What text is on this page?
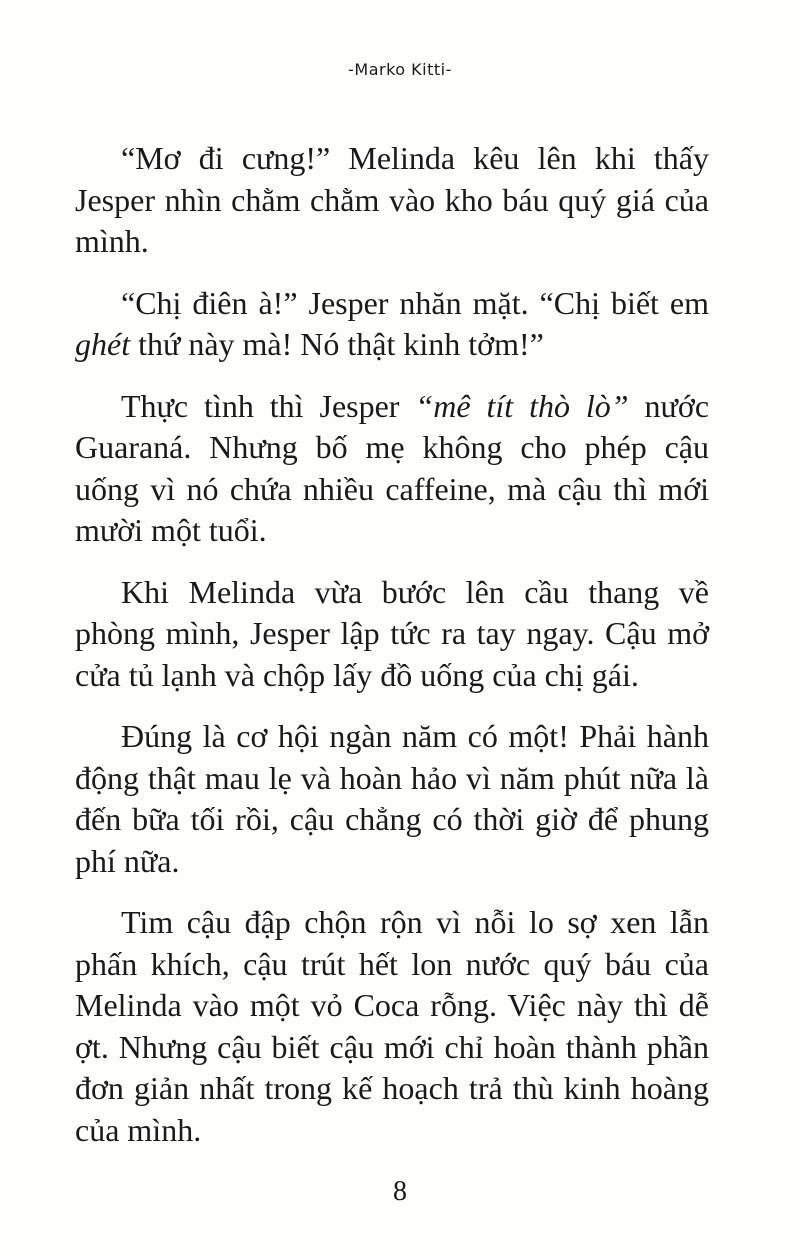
-Marko Kitti-

“Mơ đi cưng!” Melinda kêu lên khi thấy Jesper nhìn chằm chằm vào kho báu quý giá của mình.

“Chị điên à!” Jesper nhăn mặt. “Chị biết em ghét thứ này mà! Nó thật kinh tởm!”

Thực tình thì Jesper “mê tít thò lò” nước Guaraná. Nhưng bố mẹ không cho phép cậu uống vì nó chứa nhiều caffeine, mà cậu thì mới mười một tuổi.

Khi Melinda vừa bước lên cầu thang về phòng mình, Jesper lập tức ra tay ngay. Cậu mở cửa tủ lạnh và chộp lấy đồ uống của chị gái.

Đúng là cơ hội ngàn năm có một! Phải hành động thật mau lẹ và hoàn hảo vì năm phút nữa là đến bữa tối rồi, cậu chẳng có thời giờ để phung phí nữa.

Tim cậu đập chộn rộn vì nỗi lo sợ xen lẫn phấn khích, cậu trút hết lon nước quý báu của Melinda vào một vỏ Coca rỗng. Việc này thì dễ ợt. Nhưng cậu biết cậu mới chỉ hoàn thành phần đơn giản nhất trong kế hoạch trả thù kinh hoàng của mình.

8
